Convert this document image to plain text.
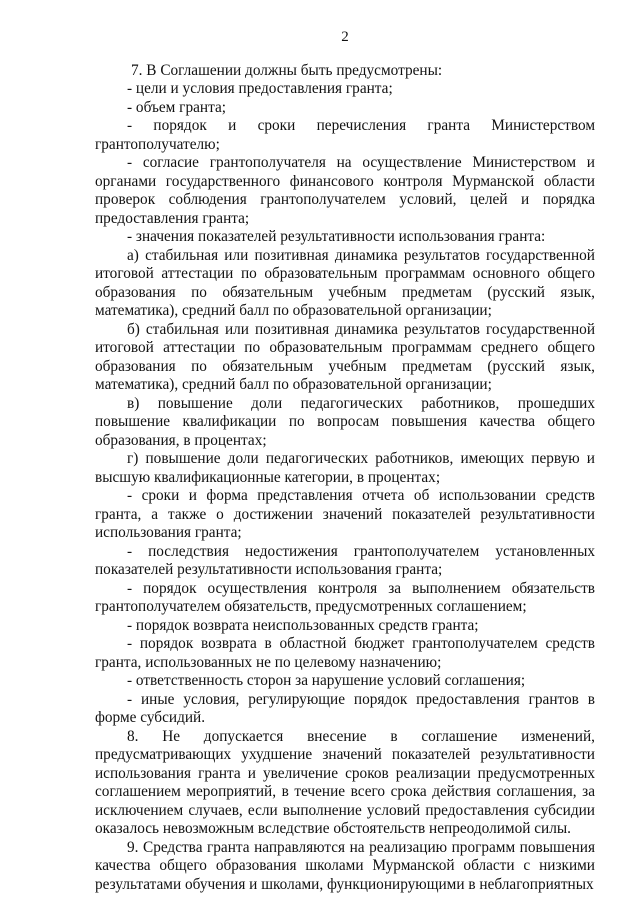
2

7. В Соглашении должны быть предусмотрены:

- цели и условия предоставления гранта;

- объем гранта;

- порядок и сроки перечисления гранта Министерством грантополучателю;

- согласие грантополучателя на осуществление Министерством и органами государственного финансового контроля Мурманской области проверок соблюдения грантополучателем условий, целей и порядка предоставления гранта;

- значения показателей результативности использования гранта:

а) стабильная или позитивная динамика результатов государственной итоговой аттестации по образовательным программам основного общего образования по обязательным учебным предметам (русский язык, математика), средний балл по образовательной организации;

б) стабильная или позитивная динамика результатов государственной итоговой аттестации по образовательным программам среднего общего образования по обязательным учебным предметам (русский язык, математика), средний балл по образовательной организации;

в) повышение доли педагогических работников, прошедших повышение квалификации по вопросам повышения качества общего образования, в процентах;

г) повышение доли педагогических работников, имеющих первую и высшую квалификационные категории, в процентах;

- сроки и форма представления отчета об использовании средств гранта, а также о достижении значений показателей результативности использования гранта;

- последствия недостижения грантополучателем установленных показателей результативности использования гранта;

- порядок осуществления контроля за выполнением обязательств грантополучателем обязательств, предусмотренных соглашением;

- порядок возврата неиспользованных средств гранта;

- порядок возврата в областной бюджет грантополучателем средств гранта, использованных не по целевому назначению;

- ответственность сторон за нарушение условий соглашения;

- иные условия, регулирующие порядок предоставления грантов в форме субсидий.

8. Не допускается внесение в соглашение изменений, предусматривающих ухудшение значений показателей результативности использования гранта и увеличение сроков реализации предусмотренных соглашением мероприятий, в течение всего срока действия соглашения, за исключением случаев, если выполнение условий предоставления субсидии оказалось невозможным вследствие обстоятельств непреодолимой силы.

9. Средства гранта направляются на реализацию программ повышения качества общего образования школами Мурманской области с низкими результатами обучения и школами, функционирующими в неблагоприятных
